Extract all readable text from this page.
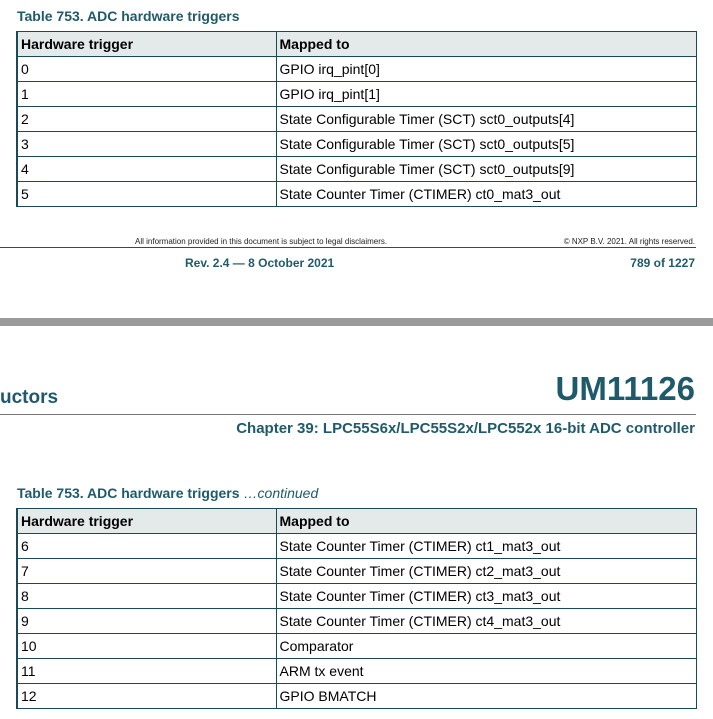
Table 753. ADC hardware triggers
Hardware trigger	Mapped to
0	GPIO irq_pint[0]
1	GPIO irq_pint[1]
2	State Configurable Timer (SCT) sct0_outputs[4]
3	State Configurable Timer (SCT) sct0_outputs[5]
4	State Configurable Timer (SCT) sct0_outputs[9]
5	State Counter Timer (CTIMER) ct0_mat3_out
All information provided in this document is subject to legal disclaimers.	© NXP B.V. 2021. All rights reserved.
Rev. 2.4 — 8 October 2021	789 of 1227
uctors	UM11126
Chapter 39: LPC55S6x/LPC55S2x/LPC552x 16-bit ADC controller
Table 753. ADC hardware triggers …continued
Hardware trigger	Mapped to
6	State Counter Timer (CTIMER) ct1_mat3_out
7	State Counter Timer (CTIMER) ct2_mat3_out
8	State Counter Timer (CTIMER) ct3_mat3_out
9	State Counter Timer (CTIMER) ct4_mat3_out
10	Comparator
11	ARM tx event
12	GPIO BMATCH
